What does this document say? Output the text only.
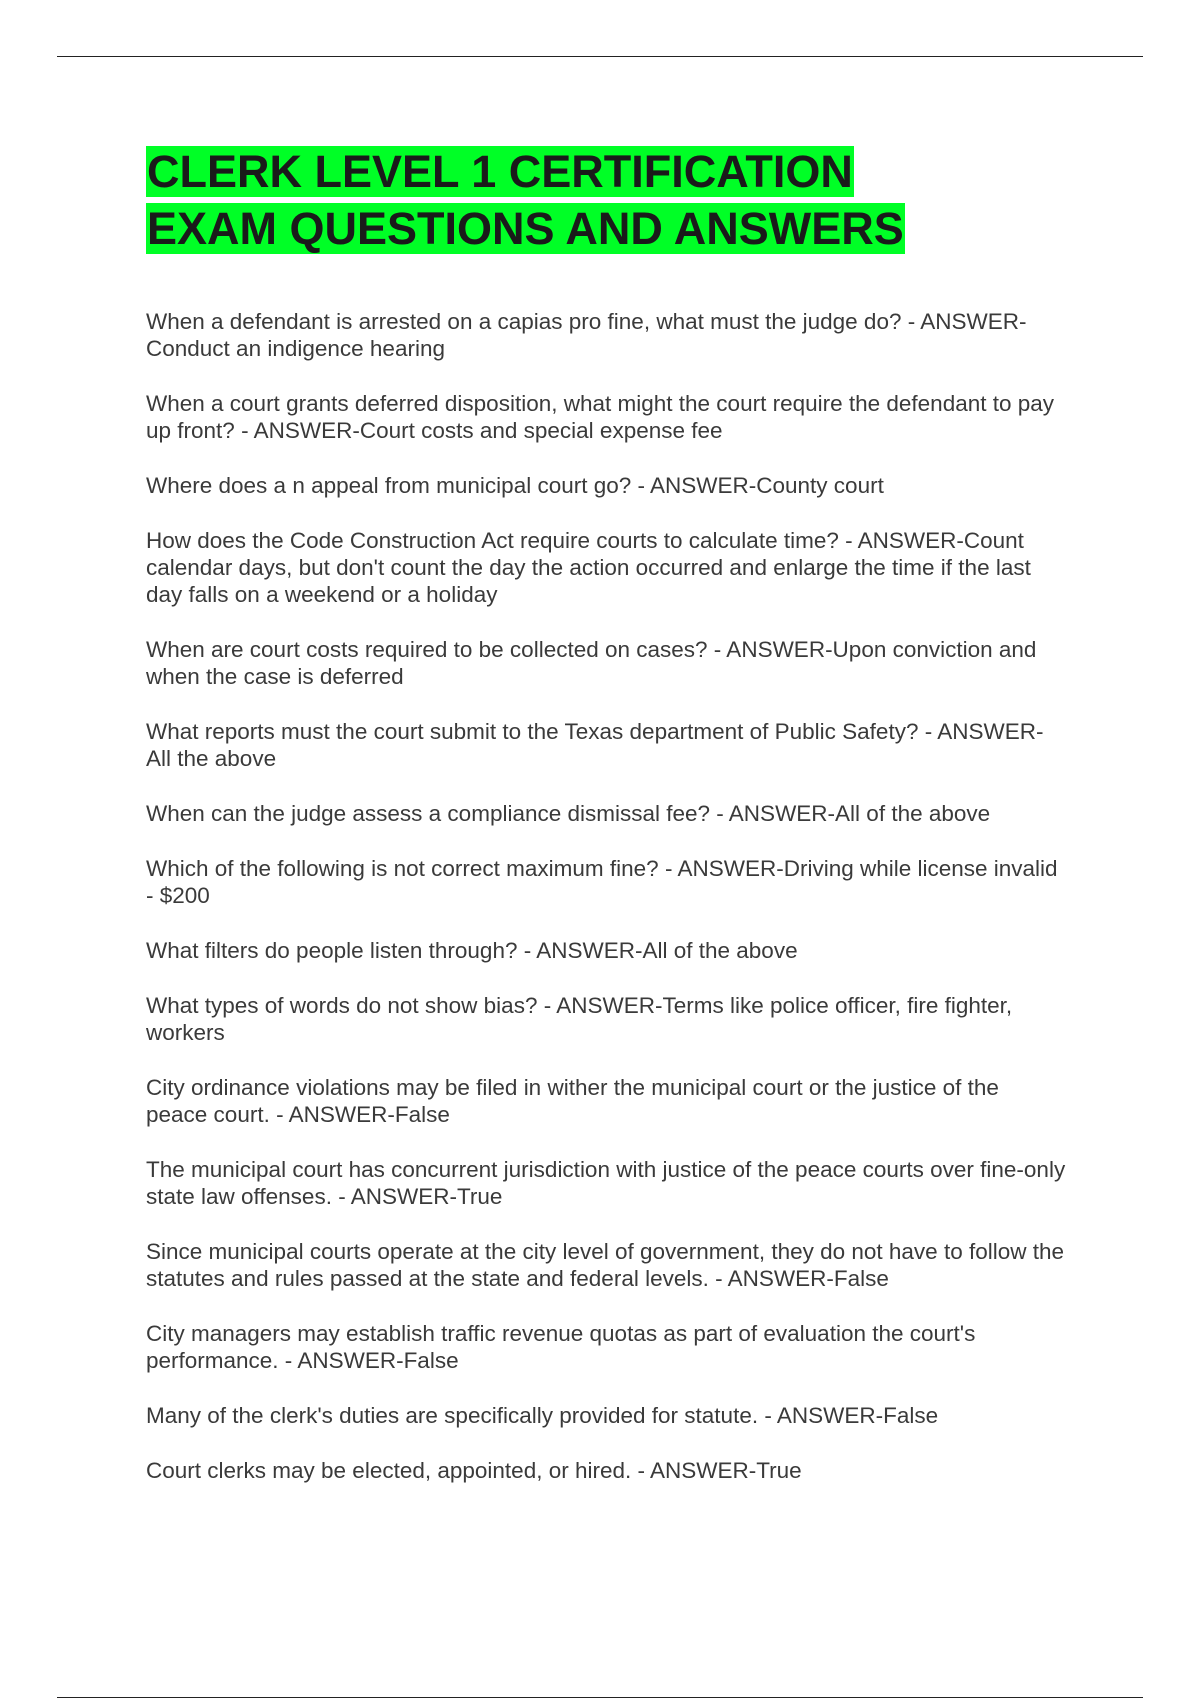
CLERK LEVEL 1 CERTIFICATION
EXAM QUESTIONS AND ANSWERS

When a defendant is arrested on a capias pro fine, what must the judge do? - ANSWER-Conduct an indigence hearing

When a court grants deferred disposition, what might the court require the defendant to pay up front? - ANSWER-Court costs and special expense fee

Where does a n appeal from municipal court go? - ANSWER-County court

How does the Code Construction Act require courts to calculate time? - ANSWER-Count calendar days, but don't count the day the action occurred and enlarge the time if the last day falls on a weekend or a holiday

When are court costs required to be collected on cases? - ANSWER-Upon conviction and when the case is deferred

What reports must the court submit to the Texas department of Public Safety? - ANSWER-All the above

When can the judge assess a compliance dismissal fee? - ANSWER-All of the above

Which of the following is not correct maximum fine? - ANSWER-Driving while license invalid - $200

What filters do people listen through? - ANSWER-All of the above

What types of words do not show bias? - ANSWER-Terms like police officer, fire fighter, workers

City ordinance violations may be filed in wither the municipal court or the justice of the peace court. - ANSWER-False

The municipal court has concurrent jurisdiction with justice of the peace courts over fine-only state law offenses. - ANSWER-True

Since municipal courts operate at the city level of government, they do not have to follow the statutes and rules passed at the state and federal levels. - ANSWER-False

City managers may establish traffic revenue quotas as part of evaluation the court's performance. - ANSWER-False

Many of the clerk's duties are specifically provided for statute. - ANSWER-False

Court clerks may be elected, appointed, or hired. - ANSWER-True
